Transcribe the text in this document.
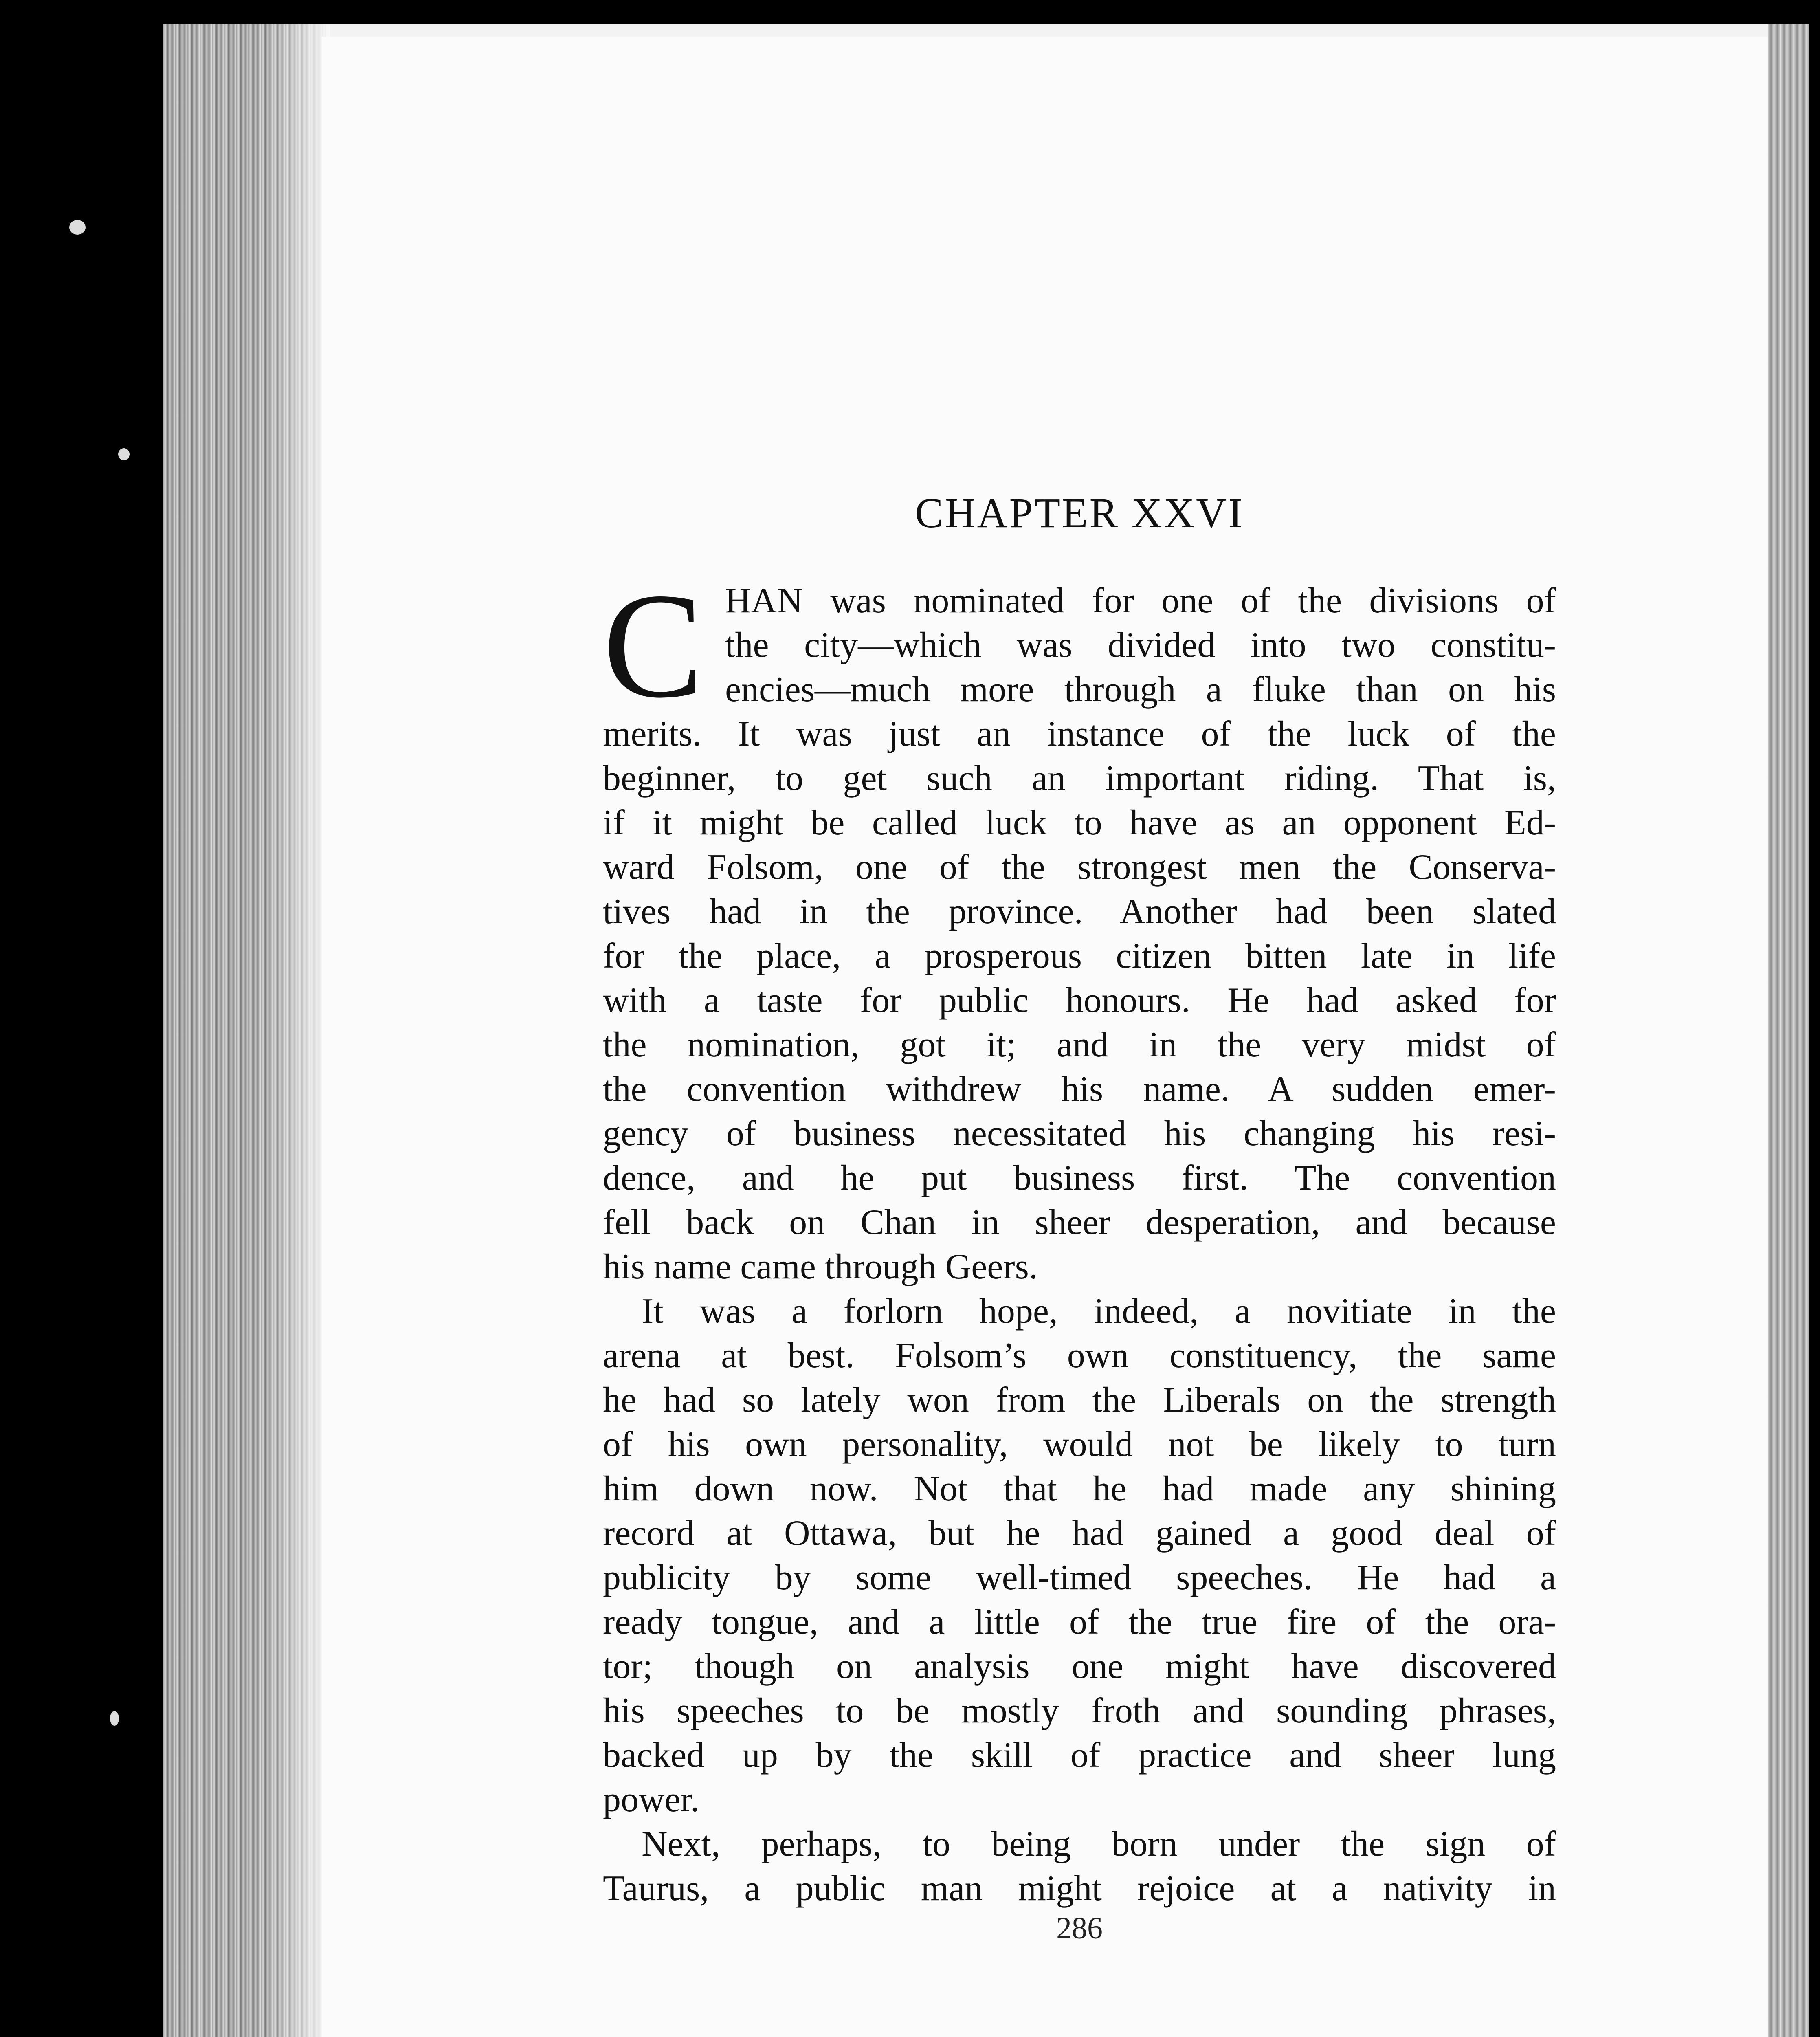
CHAPTER XXVI
C HAN was nominated for one of the divisions of
the city—which was divided into two constitu-
encies—much more through a fluke than on his
merits. It was just an instance of the luck of the
beginner, to get such an important riding. That is,
if it might be called luck to have as an opponent Ed-
ward Folsom, one of the strongest men the Conserva-
tives had in the province. Another had been slated
for the place, a prosperous citizen bitten late in life
with a taste for public honours. He had asked for
the nomination, got it; and in the very midst of
the convention withdrew his name. A sudden emer-
gency of business necessitated his changing his resi-
dence, and he put business first. The convention
fell back on Chan in sheer desperation, and because
his name came through Geers.
It was a forlorn hope, indeed, a novitiate in the
arena at best. Folsom’s own constituency, the same
he had so lately won from the Liberals on the strength
of his own personality, would not be likely to turn
him down now. Not that he had made any shining
record at Ottawa, but he had gained a good deal of
publicity by some well-timed speeches. He had a
ready tongue, and a little of the true fire of the ora-
tor; though on analysis one might have discovered
his speeches to be mostly froth and sounding phrases,
backed up by the skill of practice and sheer lung
power.
Next, perhaps, to being born under the sign of
Taurus, a public man might rejoice at a nativity in
286
